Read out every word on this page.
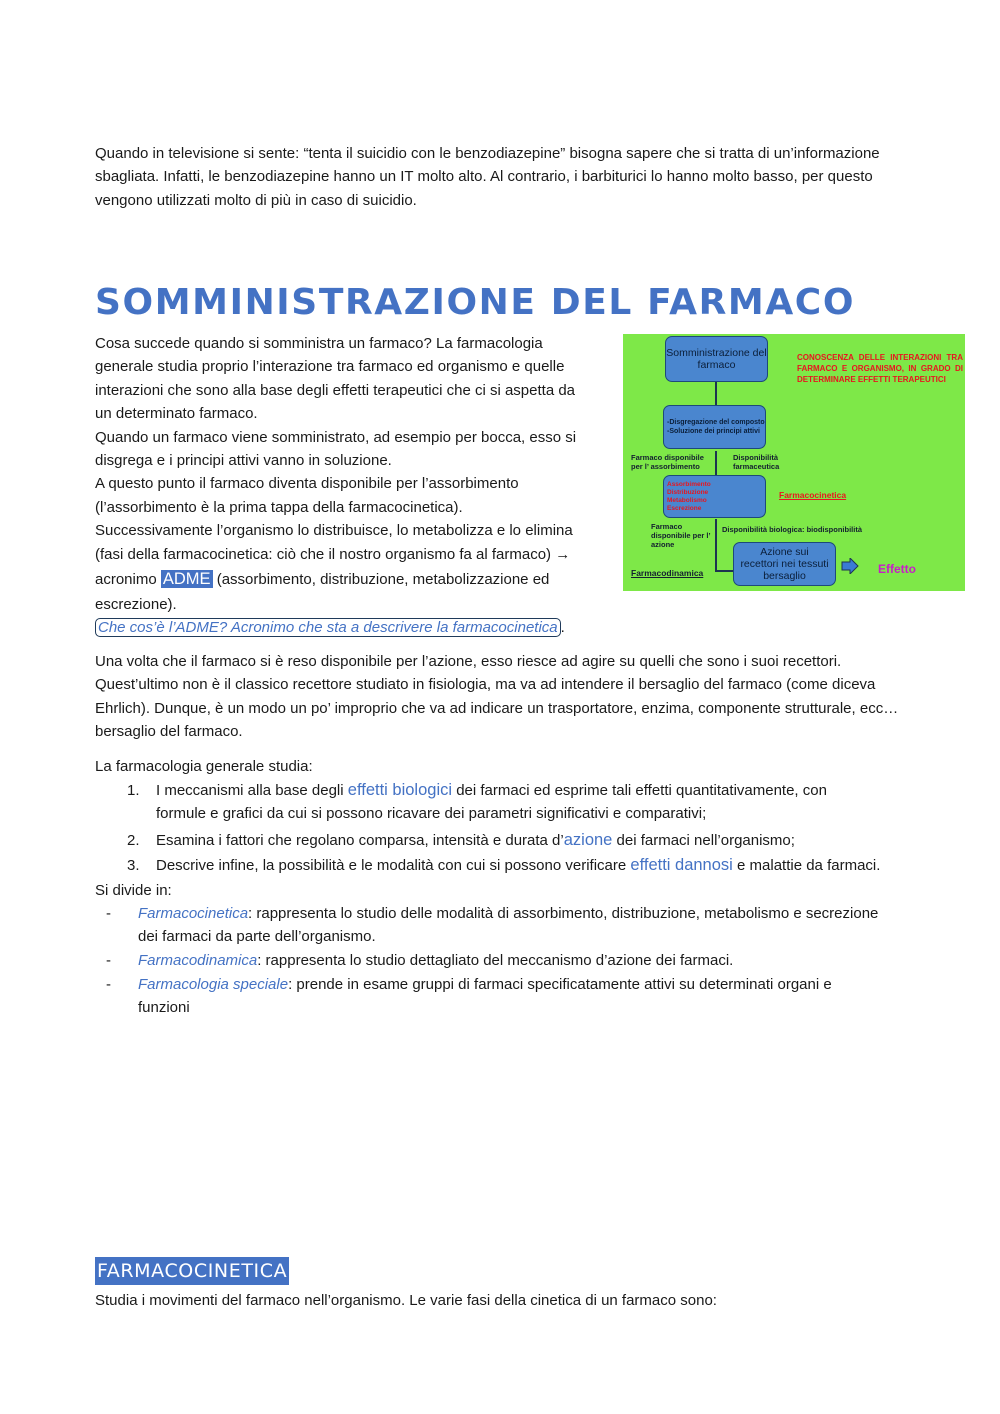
Quando in televisione si sente: “tenta il suicidio con le benzodiazepine” bisogna sapere che si tratta di un’informazione sbagliata. Infatti, le benzodiazepine hanno un IT molto alto. Al contrario, i barbiturici lo hanno molto basso, per questo vengono utilizzati molto di più in caso di suicidio.
SOMMINISTRAZIONE DEL FARMACO
Cosa succede quando si somministra un farmaco? La farmacologia
generale studia proprio l’interazione tra farmaco ed organismo e quelle
interazioni che sono alla base degli effetti terapeutici che ci si aspetta da
un determinato farmaco.
Quando un farmaco viene somministrato, ad esempio per bocca, esso si
disgrega e i principi attivi vanno in soluzione.
A questo punto il farmaco diventa disponibile per l’assorbimento
(l’assorbimento è la prima tappa della farmacocinetica).
Successivamente l’organismo lo distribuisce, lo metabolizza e lo elimina
(fasi della farmacocinetica: ciò che il nostro organismo fa al farmaco) →
acronimo ADME (assorbimento, distribuzione, metabolizzazione ed
escrezione).
Che cos’è l’ADME? Acronimo che sta a descrivere la farmacocinetica .
Somministrazione del farmaco
-Disgregazione del composto
-Soluzione dei principi attivi
Farmaco disponibile per l’ assorbimento
Disponibilità farmaceutica
Assorbimento
Distribuzione
Metabolismo
Escrezione
Farmacocinetica
Farmaco disponibile per l’ azione
Disponibilità biologica: biodisponibilità
Azione sui recettori nei tessuti bersaglio
Farmacodinamica	Effetto
CONOSCENZA DELLE INTERAZIONI TRA FARMACO E ORGANISMO, IN GRADO DI DETERMINARE EFFETTI TERAPEUTICI
Una volta che il farmaco si è reso disponibile per l’azione, esso riesce ad agire su quelli che sono i suoi recettori. Quest’ultimo non è il classico recettore studiato in fisiologia, ma va ad intendere il bersaglio del farmaco (come diceva Ehrlich). Dunque, è un modo un po’ improprio che va ad indicare un trasportatore, enzima, componente strutturale, ecc… bersaglio del farmaco.
La farmacologia generale studia:
1. I meccanismi alla base degli effetti biologici dei farmaci ed esprime tali effetti quantitativamente, con
formule e grafici da cui si possono ricavare dei parametri significativi e comparativi;
2. Esamina i fattori che regolano comparsa, intensità e durata d’azione dei farmaci nell’organismo;
3. Descrive infine, la possibilità e le modalità con cui si possono verificare effetti dannosi e malattie da farmaci.
Si divide in:
- Farmacocinetica: rappresenta lo studio delle modalità di assorbimento, distribuzione, metabolismo e secrezione
dei farmaci da parte dell’organismo.
- Farmacodinamica: rappresenta lo studio dettagliato del meccanismo d’azione dei farmaci.
- Farmacologia speciale: prende in esame gruppi di farmaci specificatamente attivi su determinati organi e
funzioni
FARMACOCINETICA
Studia i movimenti del farmaco nell’organismo. Le varie fasi della cinetica di un farmaco sono:
